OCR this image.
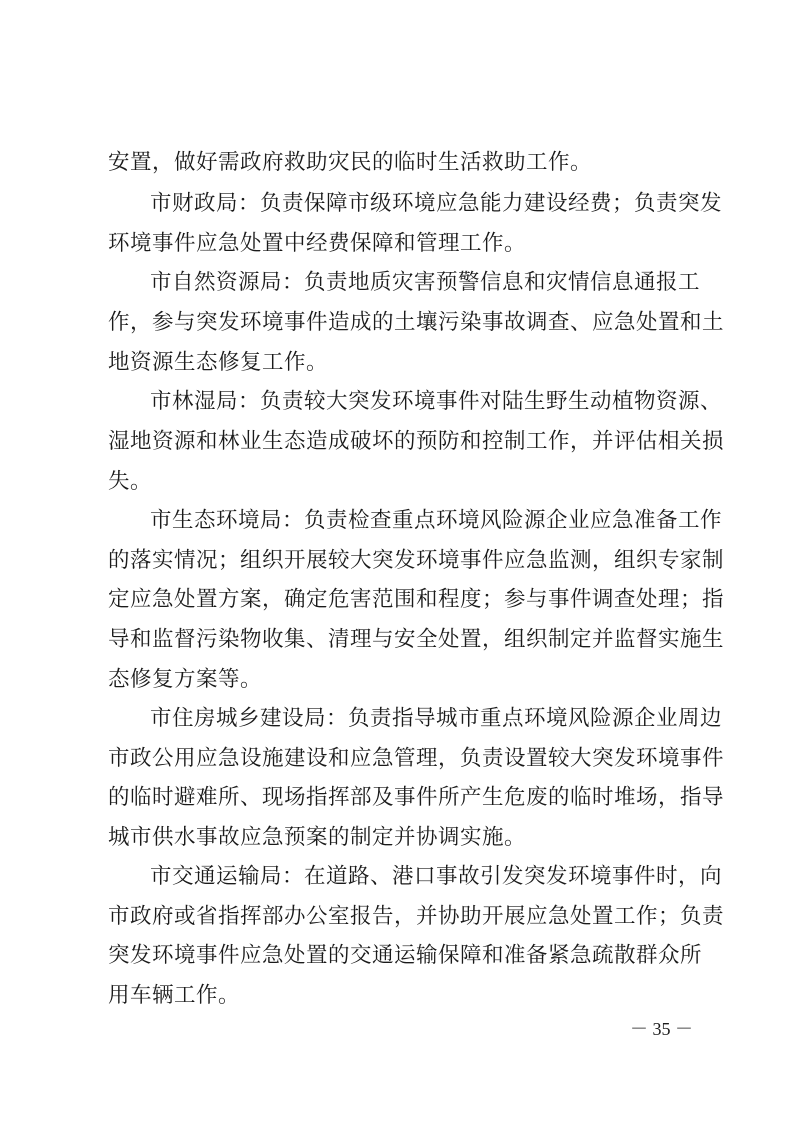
安置，做好需政府救助灾民的临时生活救助工作。
市财政局：负责保障市级环境应急能力建设经费；负责突发
环境事件应急处置中经费保障和管理工作。
市自然资源局：负责地质灾害预警信息和灾情信息通报工
作，参与突发环境事件造成的土壤污染事故调查、应急处置和土
地资源生态修复工作。
市林湿局：负责较大突发环境事件对陆生野生动植物资源、
湿地资源和林业生态造成破坏的预防和控制工作，并评估相关损
失。
市生态环境局：负责检查重点环境风险源企业应急准备工作
的落实情况；组织开展较大突发环境事件应急监测，组织专家制
定应急处置方案，确定危害范围和程度；参与事件调查处理；指
导和监督污染物收集、清理与安全处置，组织制定并监督实施生
态修复方案等。
市住房城乡建设局：负责指导城市重点环境风险源企业周边
市政公用应急设施建设和应急管理，负责设置较大突发环境事件
的临时避难所、现场指挥部及事件所产生危废的临时堆场，指导
城市供水事故应急预案的制定并协调实施。
市交通运输局：在道路、港口事故引发突发环境事件时，向
市政府或省指挥部办公室报告，并协助开展应急处置工作；负责
突发环境事件应急处置的交通运输保障和准备紧急疏散群众所
用车辆工作。
－ 35 －
